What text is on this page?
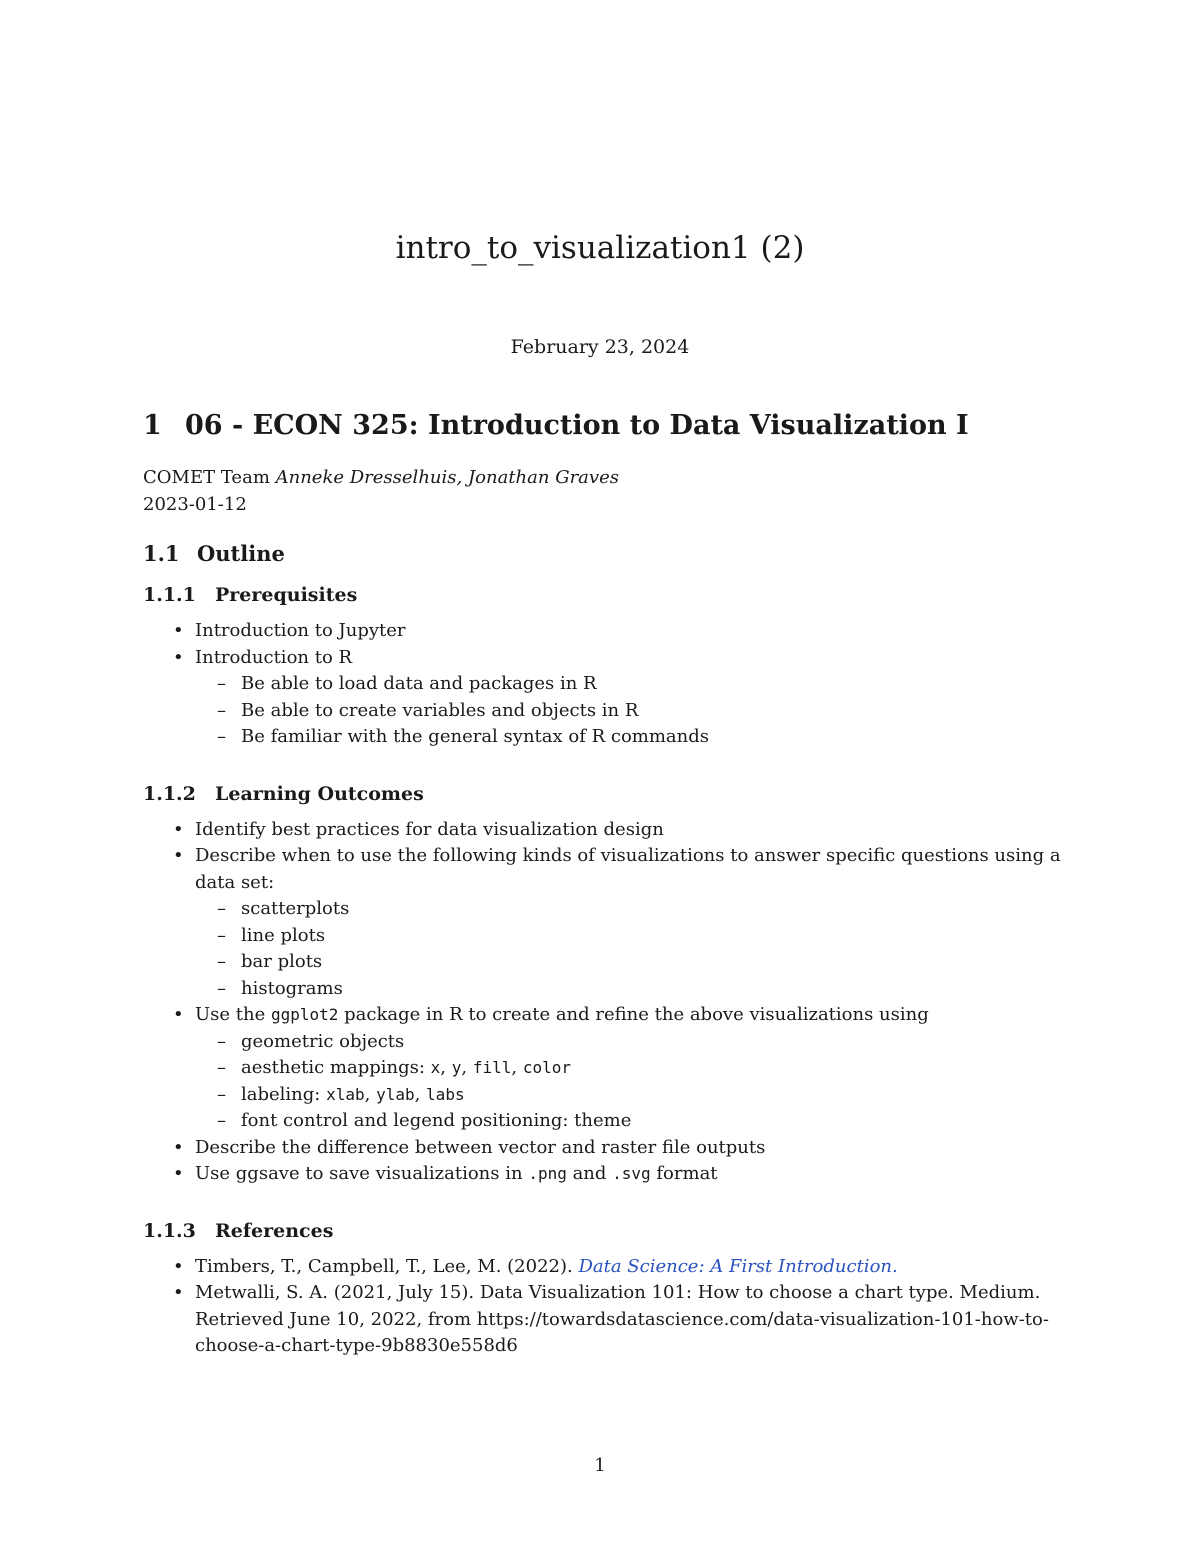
intro_to_visualization1 (2)

February 23, 2024

1 06 - ECON 325: Introduction to Data Visualization I

COMET Team Anneke Dresselhuis, Jonathan Graves

2023-01-12

1.1 Outline
1.1.1 Prerequisites
• Introduction to Jupyter
• Introduction to R
– Be able to load data and packages in R
– Be able to create variables and objects in R
– Be familiar with the general syntax of R commands
1.1.2 Learning Outcomes
• Identify best practices for data visualization design
• Describe when to use the following kinds of visualizations to answer specific questions using a data set:
– scatterplots
– line plots
– bar plots
– histograms
• Use the ggplot2 package in R to create and refine the above visualizations using
– geometric objects
– aesthetic mappings: x, y, fill, color
– labeling: xlab, ylab, labs
– font control and legend positioning: theme
• Describe the difference between vector and raster file outputs
• Use ggsave to save visualizations in .png and .svg format
1.1.3 References
• Timbers, T., Campbell, T., Lee, M. (2022). Data Science: A First Introduction.
• Metwalli, S. A. (2021, July 15). Data Visualization 101: How to choose a chart type. Medium. Retrieved June 10, 2022, from https://towardsdatascience.com/data-visualization-101-how-to-choose-a-chart-type-9b8830e558d6
1
